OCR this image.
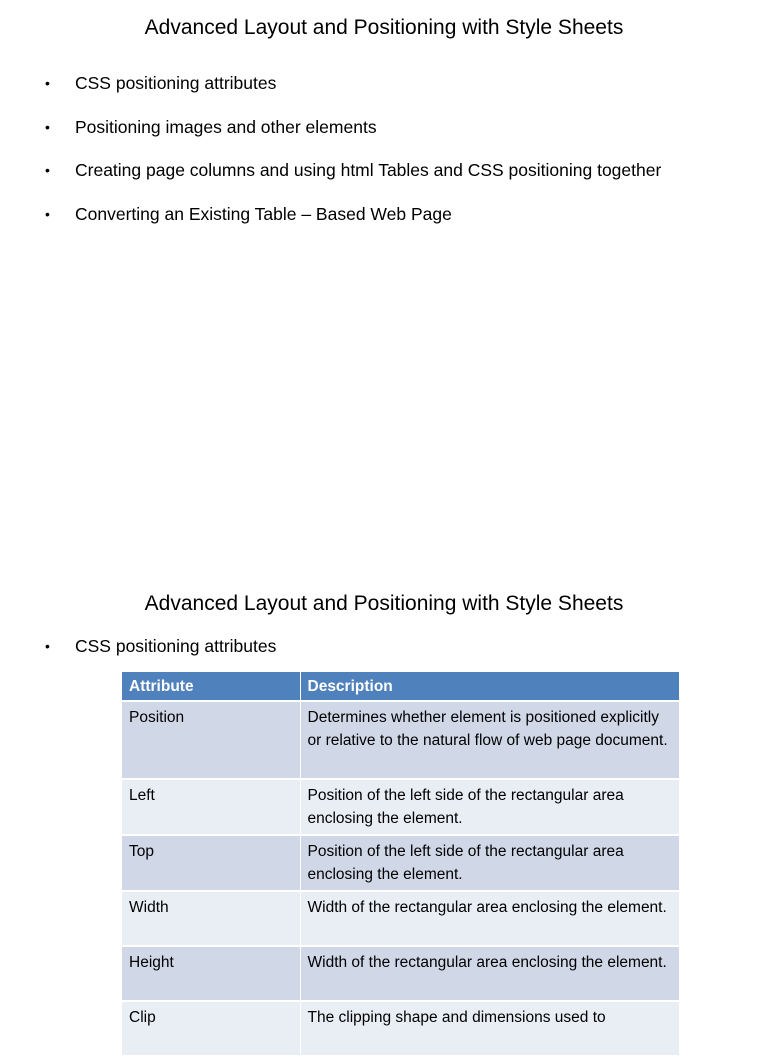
Advanced Layout and Positioning with Style Sheets
• CSS positioning attributes
• Positioning images and other elements
• Creating page columns and using html Tables and CSS positioning together
• Converting an Existing Table – Based Web Page
Advanced Layout and Positioning with Style Sheets
• CSS positioning attributes
Attribute	Description
Position	Determines whether element is positioned explicitly or relative to the natural flow of web page document.
Left	Position of the left side of the rectangular area enclosing the element.
Top	Position of the left side of the rectangular area enclosing the element.
Width	Width of the rectangular area enclosing the element.
Height	Width of the rectangular area enclosing the element.
Clip	The clipping shape and dimensions used to
